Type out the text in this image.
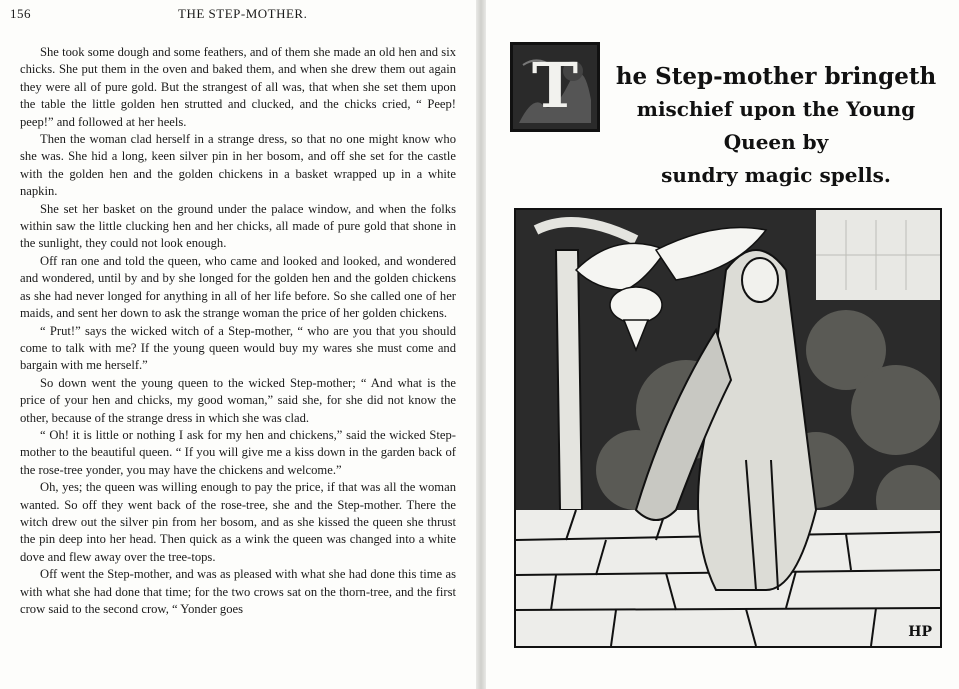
156	THE STEP-MOTHER.

She took some dough and some feathers, and of them she made an old hen and six chicks. She put them in the oven and baked them, and when she drew them out again they were all of pure gold. But the strangest of all was, that when she set them upon the table the little golden hen strutted and clucked, and the chicks cried, “ Peep! peep!” and followed at her heels.

Then the woman clad herself in a strange dress, so that no one might know who she was. She hid a long, keen silver pin in her bosom, and off she set for the castle with the golden hen and the golden chickens in a basket wrapped up in a white napkin.

She set her basket on the ground under the palace window, and when the folks within saw the little clucking hen and her chicks, all made of pure gold that shone in the sunlight, they could not look enough.

Off ran one and told the queen, who came and looked and looked, and wondered and wondered, until by and by she longed for the golden hen and the golden chickens as she had never longed for anything in all of her life before. So she called one of her maids, and sent her down to ask the strange woman the price of her golden chickens.

“ Prut!” says the wicked witch of a Step-mother, “ who are you that you should come to talk with me? If the young queen would buy my wares she must come and bargain with me herself.”

So down went the young queen to the wicked Step-mother; “ And what is the price of your hen and chicks, my good woman,” said she, for she did not know the other, because of the strange dress in which she was clad.

“ Oh! it is little or nothing I ask for my hen and chickens,” said the wicked Step-mother to the beautiful queen. “ If you will give me a kiss down in the garden back of the rose-tree yonder, you may have the chickens and welcome.”

Oh, yes; the queen was willing enough to pay the price, if that was all the woman wanted. So off they went back of the rose-tree, she and the Step-mother. There the witch drew out the silver pin from her bosom, and as she kissed the queen she thrust the pin deep into her head. Then quick as a wink the queen was changed into a white dove and flew away over the tree-tops.

Off went the Step-mother, and was as pleased with what she had done this time as with what she had done that time; for the two crows sat on the thorn-tree, and the first crow said to the second crow, “ Yonder goes

T	he Step-mother bringeth
mischief upon the Young Queen by
sundry magic spells.
HP
